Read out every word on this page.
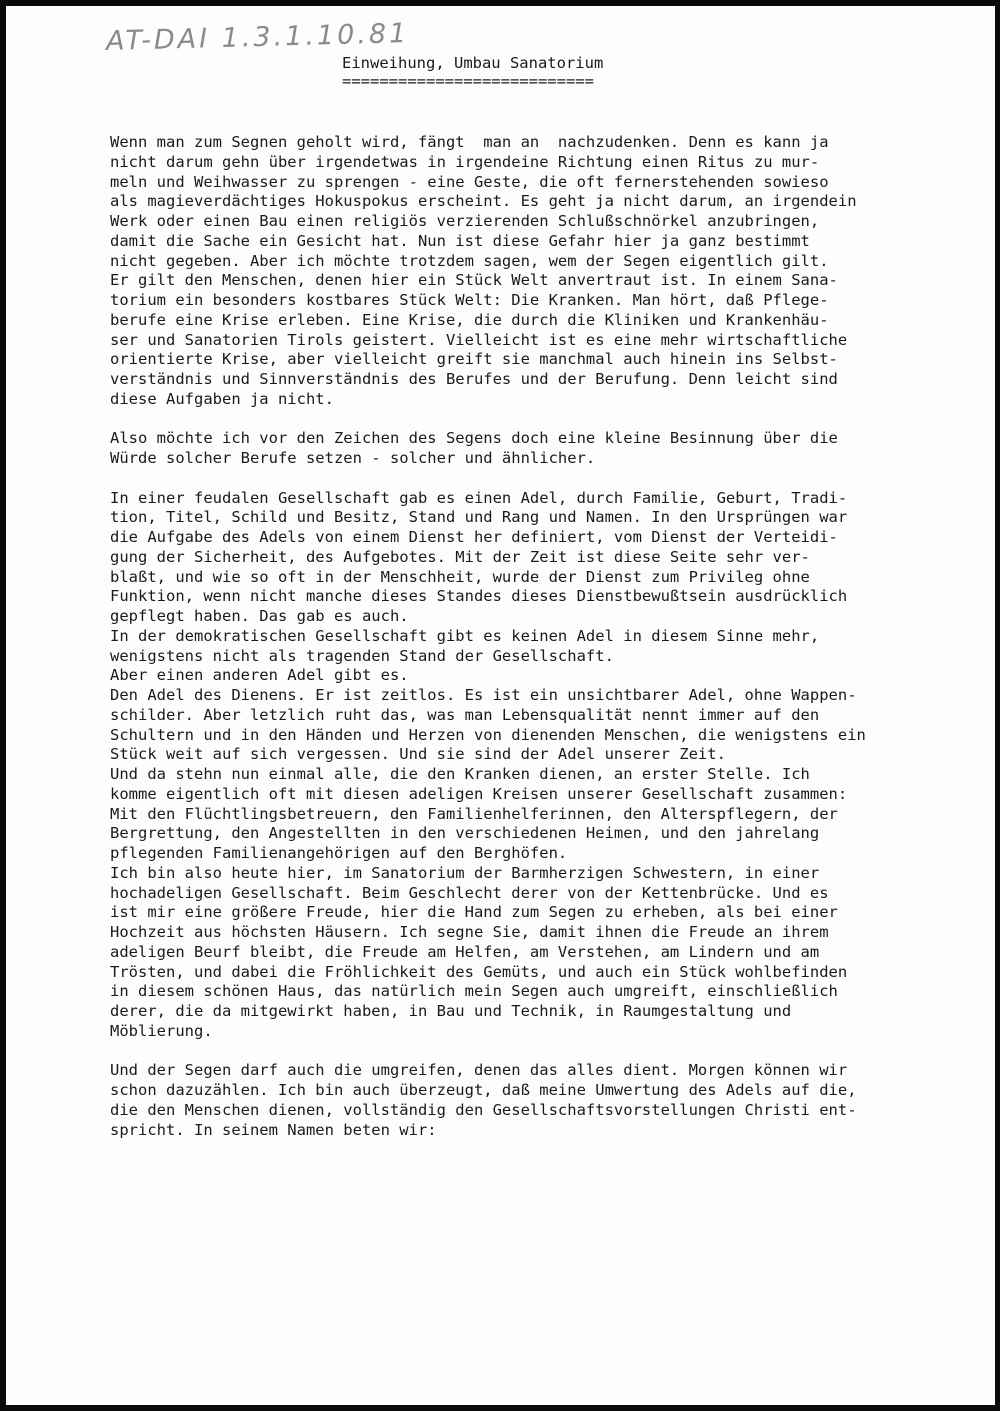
AT-DAI 1.3.1.10.81
Einweihung, Umbau Sanatorium
===========================
Wenn man zum Segnen geholt wird, fängt  man an  nachzudenken. Denn es kann ja
nicht darum gehn über irgendetwas in irgendeine Richtung einen Ritus zu mur-
meln und Weihwasser zu sprengen - eine Geste, die oft fernerstehenden sowieso
als magieverdächtiges Hokuspokus erscheint. Es geht ja nicht darum, an irgendein
Werk oder einen Bau einen religiös verzierenden Schlußschnörkel anzubringen,
damit die Sache ein Gesicht hat. Nun ist diese Gefahr hier ja ganz bestimmt
nicht gegeben. Aber ich möchte trotzdem sagen, wem der Segen eigentlich gilt.
Er gilt den Menschen, denen hier ein Stück Welt anvertraut ist. In einem Sana-
torium ein besonders kostbares Stück Welt: Die Kranken. Man hört, daß Pflege-
berufe eine Krise erleben. Eine Krise, die durch die Kliniken und Krankenhäu-
ser und Sanatorien Tirols geistert. Vielleicht ist es eine mehr wirtschaftliche
orientierte Krise, aber vielleicht greift sie manchmal auch hinein ins Selbst-
verständnis und Sinnverständnis des Berufes und der Berufung. Denn leicht sind
diese Aufgaben ja nicht.
Also möchte ich vor den Zeichen des Segens doch eine kleine Besinnung über die
Würde solcher Berufe setzen - solcher und ähnlicher.
In einer feudalen Gesellschaft gab es einen Adel, durch Familie, Geburt, Tradi-
tion, Titel, Schild und Besitz, Stand und Rang und Namen. In den Ursprüngen war
die Aufgabe des Adels von einem Dienst her definiert, vom Dienst der Verteidi-
gung der Sicherheit, des Aufgebotes. Mit der Zeit ist diese Seite sehr ver-
blaßt, und wie so oft in der Menschheit, wurde der Dienst zum Privileg ohne
Funktion, wenn nicht manche dieses Standes dieses Dienstbewußtsein ausdrücklich
gepflegt haben. Das gab es auch.
In der demokratischen Gesellschaft gibt es keinen Adel in diesem Sinne mehr,
wenigstens nicht als tragenden Stand der Gesellschaft.
Aber einen anderen Adel gibt es.
Den Adel des Dienens. Er ist zeitlos. Es ist ein unsichtbarer Adel, ohne Wappen-
schilder. Aber letzlich ruht das, was man Lebensqualität nennt immer auf den
Schultern und in den Händen und Herzen von dienenden Menschen, die wenigstens ein
Stück weit auf sich vergessen. Und sie sind der Adel unserer Zeit.
Und da stehn nun einmal alle, die den Kranken dienen, an erster Stelle. Ich
komme eigentlich oft mit diesen adeligen Kreisen unserer Gesellschaft zusammen:
Mit den Flüchtlingsbetreuern, den Familienhelferinnen, den Alterspflegern, der
Bergrettung, den Angestellten in den verschiedenen Heimen, und den jahrelang
pflegenden Familienangehörigen auf den Berghöfen.
Ich bin also heute hier, im Sanatorium der Barmherzigen Schwestern, in einer
hochadeligen Gesellschaft. Beim Geschlecht derer von der Kettenbrücke. Und es
ist mir eine größere Freude, hier die Hand zum Segen zu erheben, als bei einer
Hochzeit aus höchsten Häusern. Ich segne Sie, damit ihnen die Freude an ihrem
adeligen Beurf bleibt, die Freude am Helfen, am Verstehen, am Lindern und am
Trösten, und dabei die Fröhlichkeit des Gemüts, und auch ein Stück wohlbefinden
in diesem schönen Haus, das natürlich mein Segen auch umgreift, einschließlich
derer, die da mitgewirkt haben, in Bau und Technik, in Raumgestaltung und
Möblierung.
Und der Segen darf auch die umgreifen, denen das alles dient. Morgen können wir
schon dazuzählen. Ich bin auch überzeugt, daß meine Umwertung des Adels auf die,
die den Menschen dienen, vollständig den Gesellschaftsvorstellungen Christi ent-
spricht. In seinem Namen beten wir:
